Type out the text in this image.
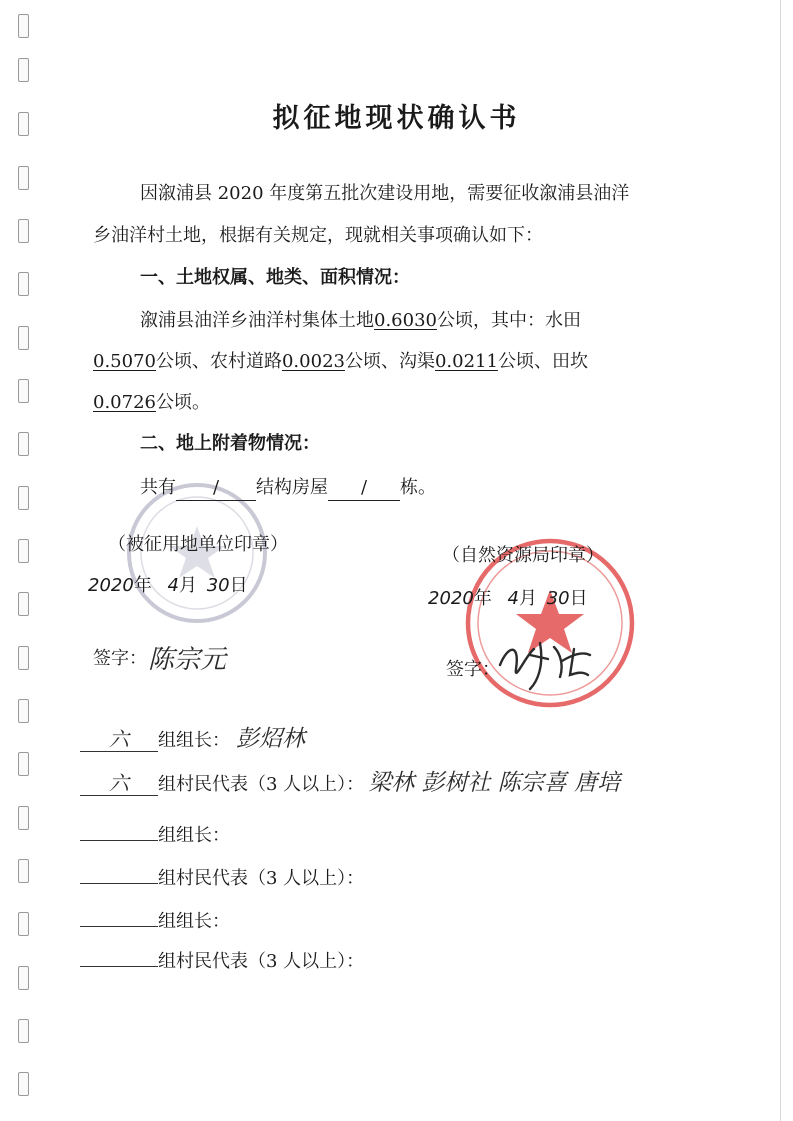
拟征地现状确认书
因溆浦县 2020 年度第五批次建设用地，需要征收溆浦县油洋
乡油洋村土地，根据有关规定，现就相关事项确认如下：
一、土地权属、地类、面积情况：
溆浦县油洋乡油洋村集体土地0.6030公顷，其中：水田
0.5070公顷、农村道路0.0023公顷、沟渠0.0211公顷、田坎
0.0726公顷。
二、地上附着物情况：
共有 / 结构房屋 / 栋。
（被征用地单位印章）
2020年 4月 30日
签字： 陈宗元
（自然资源局印章）
2020年 4月 30日
签字：
六 组组长： 彭炤林
六 组村民代表（3 人以上）： 梁林 彭树社 陈宗喜 唐培
组组长：
组村民代表（3 人以上）：
组组长：
组村民代表（3 人以上）：
